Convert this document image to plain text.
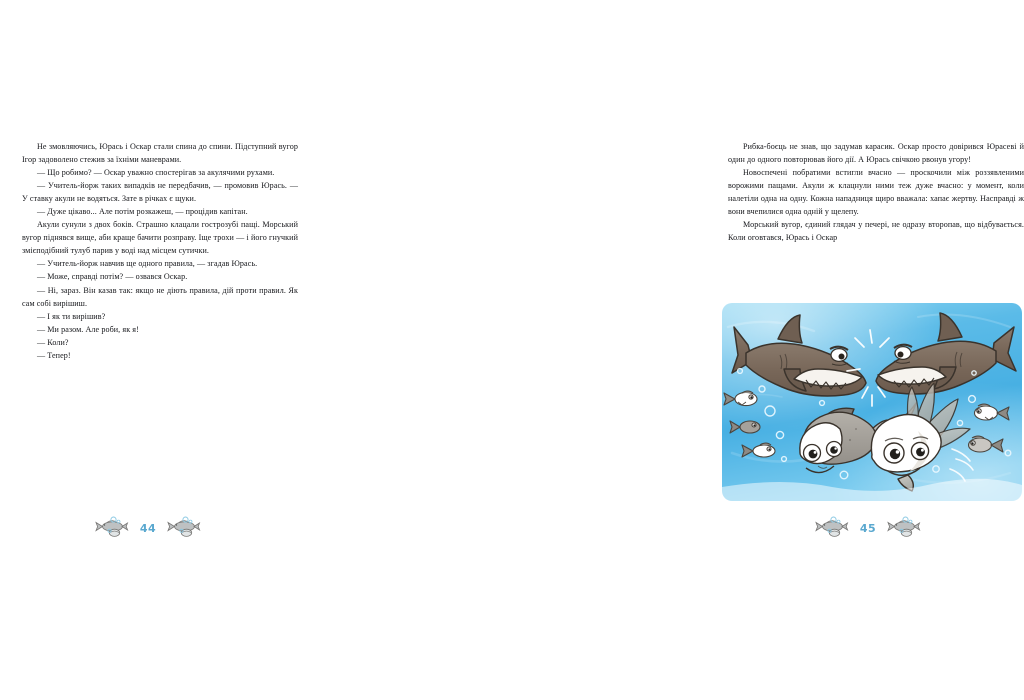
Не змовляючись, Юрась і Оскар стали спина до спини. Підступний вугор Ігор задоволено стежив за їхніми маневрами.

— Що робимо? — Оскар уважно спостерігав за акулячими рухами.

— Учитель-йорж таких випадків не передбачив, — промовив Юрась. — У ставку акули не водяться. Зате в річках є щуки.

— Дуже цікаво... Але потім розкажеш, — процідив капітан.

Акули сунули з двох боків. Страшно клацали гострозубі пащі. Морський вугор піднявся вище, аби краще бачити розправу. Іще трохи — і його гнучкий змієподібний тулуб парив у воді над місцем сутички.

— Учитель-йорж навчив ще одного правила, — згадав Юрась.

— Може, справді потім? — озвався Оскар.

— Ні, зараз. Він казав так: якщо не діють правила, дій проти правил. Як сам собі вирішиш.

— І як ти вирішив?

— Ми разом. Але роби, як я!

— Коли?

— Тепер!

44

Рибка-боєць не знав, що задумав карасик. Оскар просто довірився Юрасеві й один до одного повторював його дії. А Юрась свічкою рвонув угору!

Новоспечені побратими встигли вчасно — проскочили між роззявленими ворожими пащами. Акули ж клацнули ними теж дуже вчасно: у момент, коли налетіли одна на одну. Кожна нападниця щиро вважала: хапає жертву. Насправді ж вони вчепилися одна одній у щелепу.

Морський вугор, єдиний глядач у печері, не одразу второпав, що відбувається. Коли оговтався, Юрась і Оскар

45
